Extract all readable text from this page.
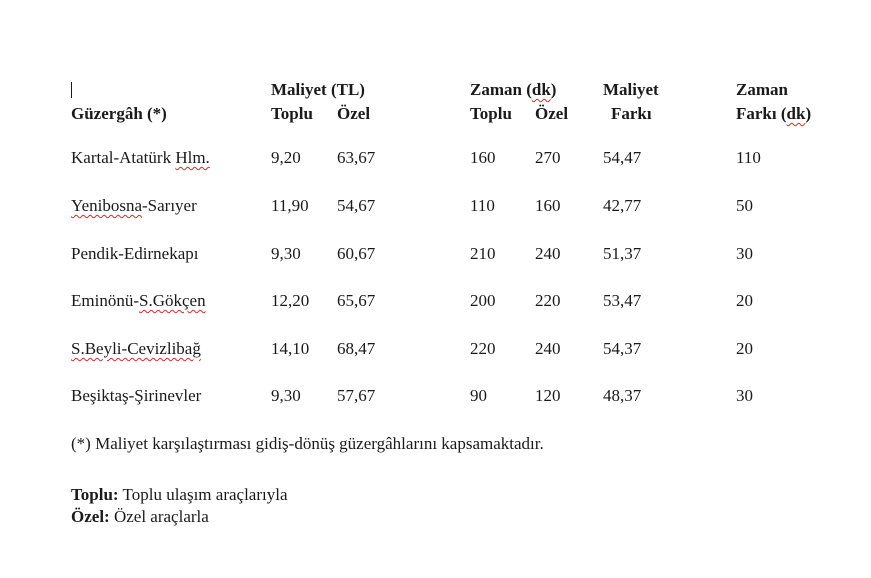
Maliyet (TL)	Zaman (dk)	Maliyet	Zaman
Güzergâh (*)	Toplu Özel	Toplu Özel	Farkı	Farkı (dk)
Kartal-Atatürk Hlm.	9,20 63,67	160 270	54,47	110
Yenibosna-Sarıyer	11,90 54,67	110 160	42,77	50
Pendik-Edirnekapı	9,30 60,67	210 240	51,37	30
Eminönü-S.Gökçen	12,20 65,67	200 220	53,47	20
S.Beyli-Cevizlibağ	14,10 68,47	220 240	54,37	20
Beşiktaş-Şirinevler	9,30 57,67	90	120	48,37	30
(*) Maliyet karşılaştırması gidiş-dönüş güzergâhlarını kapsamaktadır.
Toplu: Toplu ulaşım araçlarıyla
Özel: Özel araçlarla
